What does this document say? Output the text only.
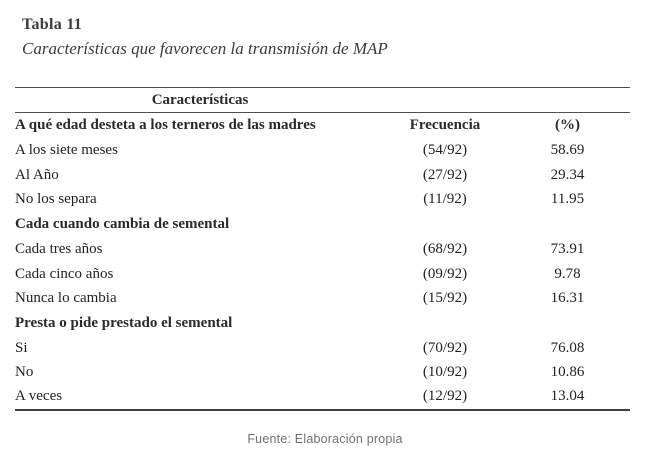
Tabla 11
Características que favorecen la transmisión de MAP
Características		
A qué edad desteta a los terneros de las madres	Frecuencia	(%)
A los siete meses	(54/92)	58.69
Al Año	(27/92)	29.34
No los separa	(11/92)	11.95
Cada cuando cambia de semental		
Cada tres años	(68/92)	73.91
Cada cinco años	(09/92)	9.78
Nunca lo cambia	(15/92)	16.31
Presta o pide prestado el semental		
Si	(70/92)	76.08
No	(10/92)	10.86
A veces	(12/92)	13.04
Fuente: Elaboración propia
